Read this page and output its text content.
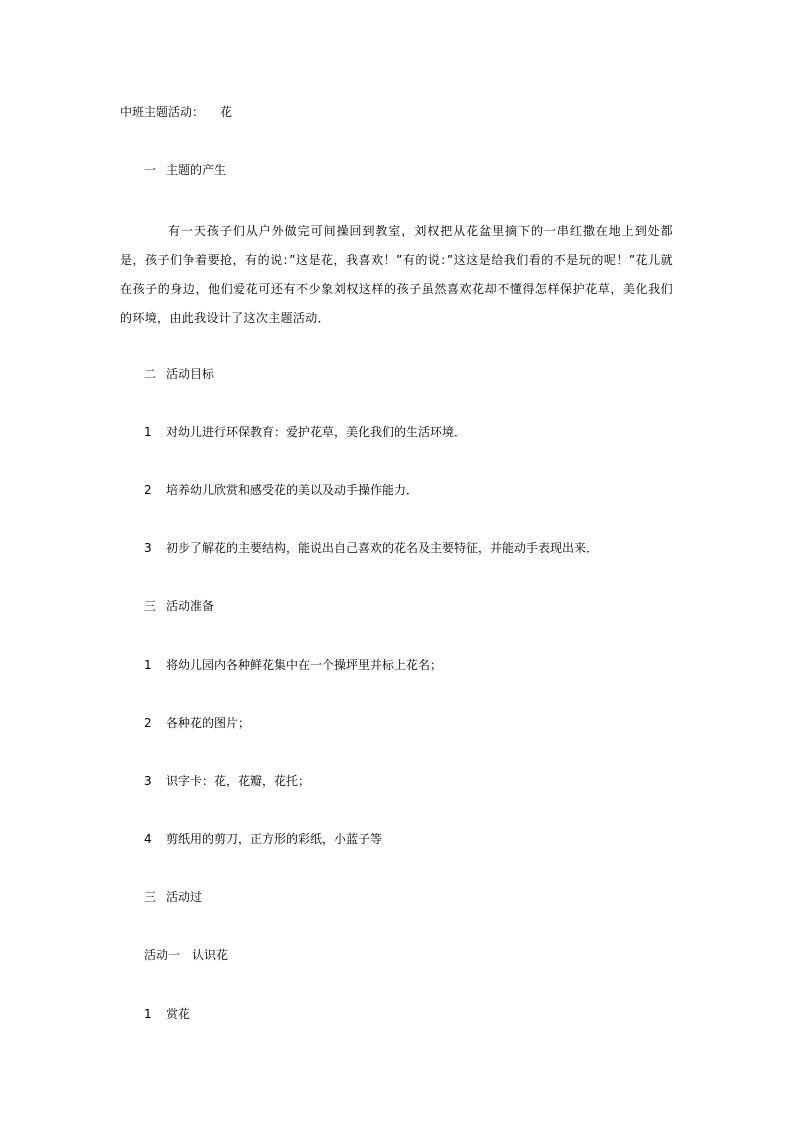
中班主题活动： 花
一 主题的产生
有一天孩子们从户外做完可间操回到教室，刘权把从花盆里摘下的一串红撒在地上到处都是，孩子们争着要抢，有的说：”这是花，我喜欢！”有的说：”这这是给我们看的不是玩的呢！”花儿就在孩子的身边，他们爱花可还有不少象刘权这样的孩子虽然喜欢花却不懂得怎样保护花草，美化我们的环境，由此我设计了这次主题活动．
二 活动目标
1 对幼儿进行环保教育：爱护花草，美化我们的生活环境．
2 培养幼儿欣赏和感受花的美以及动手操作能力．
3 初步了解花的主要结构，能说出自己喜欢的花名及主要特征，并能动手表现出来．
三 活动准备
1 将幼儿园内各种鲜花集中在一个操坪里并标上花名；
2 各种花的图片；
3 识字卡：花，花瓣，花托；
4 剪纸用的剪刀，正方形的彩纸，小蓝子等
三 活动过
活动一 认识花
1 赏花
